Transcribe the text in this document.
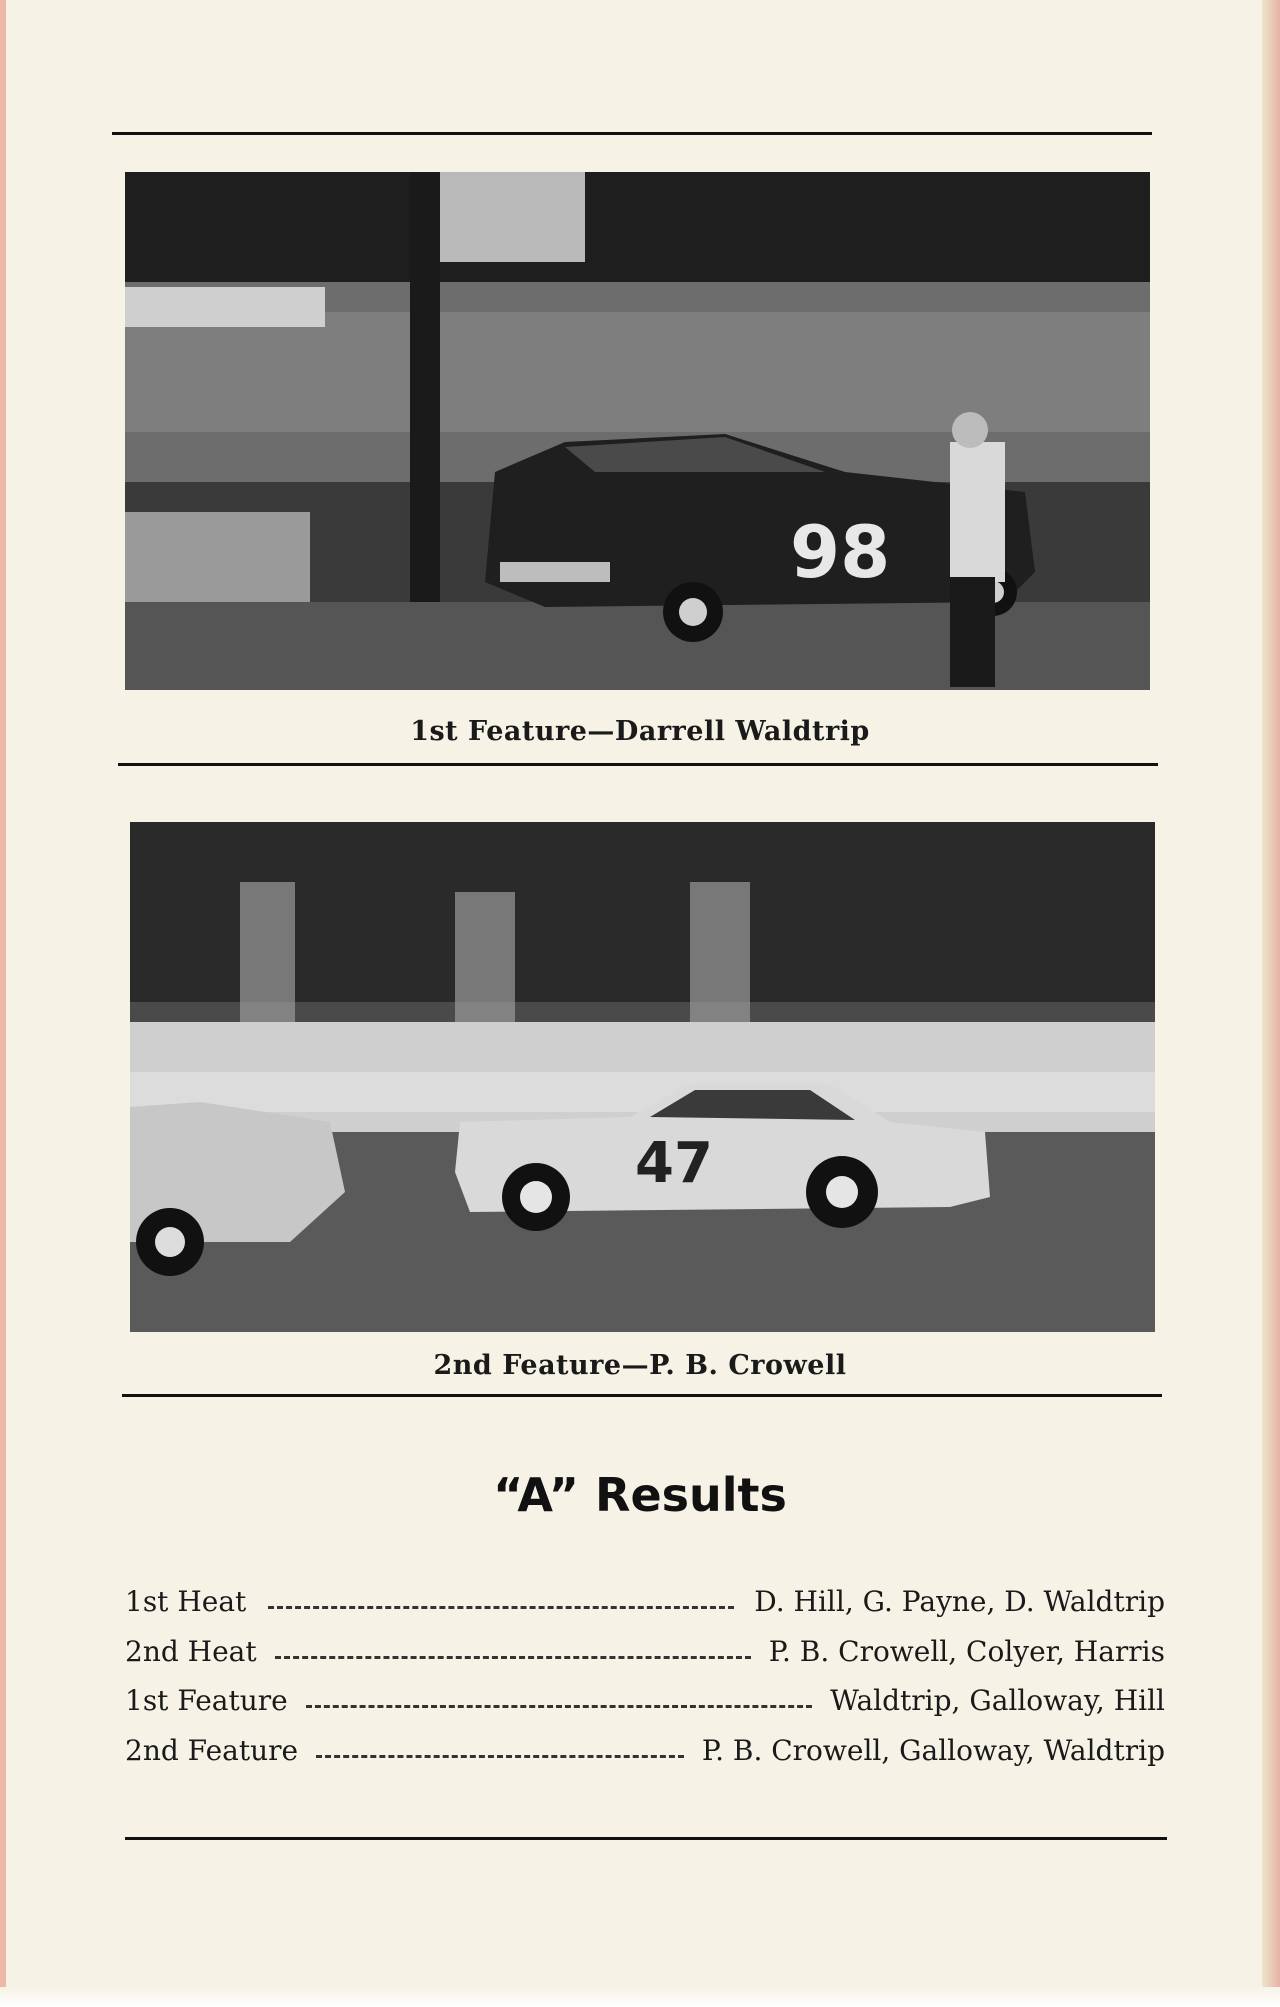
98
1st Feature—Darrell Waldtrip
47
2nd Feature—P. B. Crowell
“A” Results
1st Heat	D. Hill, G. Payne, D. Waldtrip
2nd Heat	P. B. Crowell, Colyer, Harris
1st Feature	Waldtrip, Galloway, Hill
2nd Feature	P. B. Crowell, Galloway, Waldtrip
